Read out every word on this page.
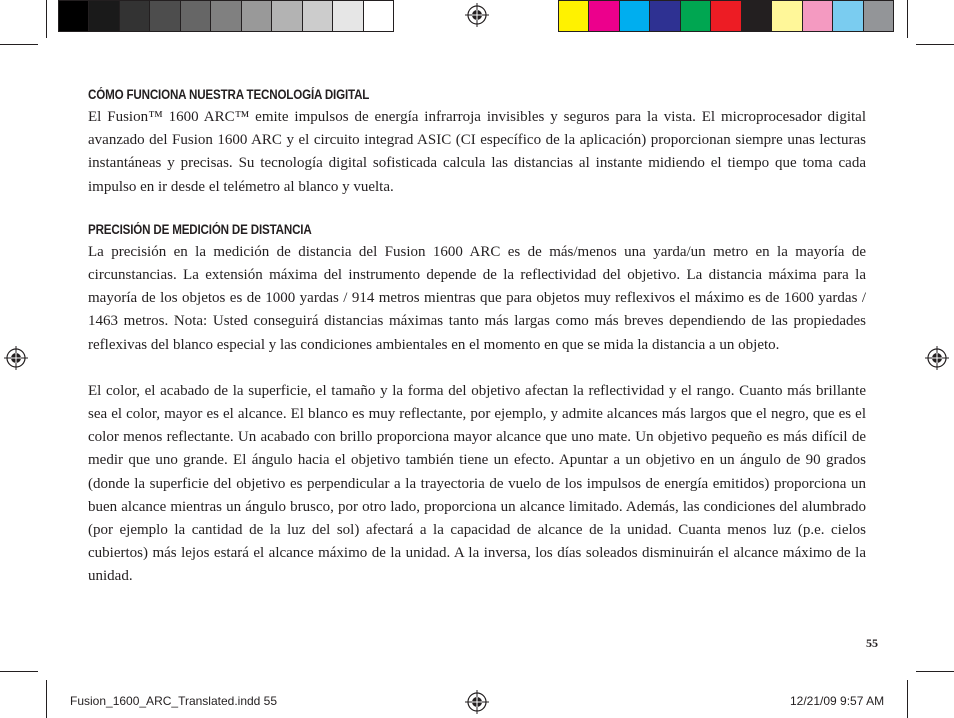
CÓMO FUNCIONA NUESTRA TECNOLOGÍA DIGITAL

El Fusion™ 1600 ARC™ emite impulsos de energía infrarroja invisibles y seguros para la vista. El microprocesador digital avanzado del Fusion 1600 ARC y el circuito integrad ASIC (CI específico de la aplicación) proporcionan siempre unas lecturas instantáneas y precisas. Su tecnología digital sofisticada calcula las distancias al instante midiendo el tiempo que toma cada impulso en ir desde el telémetro al blanco y vuelta.

PRECISIÓN DE MEDICIÓN DE DISTANCIA

La precisión en la medición de distancia del Fusion 1600 ARC es de más/menos una yarda/un metro en la mayoría de circunstancias. La extensión máxima del instrumento depende de la reflectividad del objetivo. La distancia máxima para la mayoría de los objetos es de 1000 yardas / 914 metros mientras que para objetos muy reflexivos el máximo es de 1600 yardas / 1463 metros. Nota: Usted conseguirá distancias máximas tanto más largas como más breves dependiendo de las propiedades reflexivas del blanco especial y las condiciones ambientales en el momento en que se mida la distancia a un objeto.

El color, el acabado de la superficie, el tamaño y la forma del objetivo afectan la reflectividad y el rango. Cuanto más brillante sea el color, mayor es el alcance. El blanco es muy reflectante, por ejemplo, y admite alcances más largos que el negro, que es el color menos reflectante. Un acabado con brillo proporciona mayor alcance que uno mate. Un objetivo pequeño es más difícil de medir que uno grande. El ángulo hacia el objetivo también tiene un efecto. Apuntar a un objetivo en un ángulo de 90 grados (donde la superficie del objetivo es perpendicular a la trayectoria de vuelo de los impulsos de energía emitidos) proporciona un buen alcance mientras un ángulo brusco, por otro lado, proporciona un alcance limitado. Además, las condiciones del alumbrado (por ejemplo la cantidad de la luz del sol) afectará a la capacidad de alcance de la unidad. Cuanta menos luz (p.e. cielos cubiertos) más lejos estará el alcance máximo de la unidad. A la inversa, los días soleados disminuirán el alcance máximo de la unidad.

55
Fusion_1600_ARC_Translated.indd 55	12/21/09 9:57 AM
